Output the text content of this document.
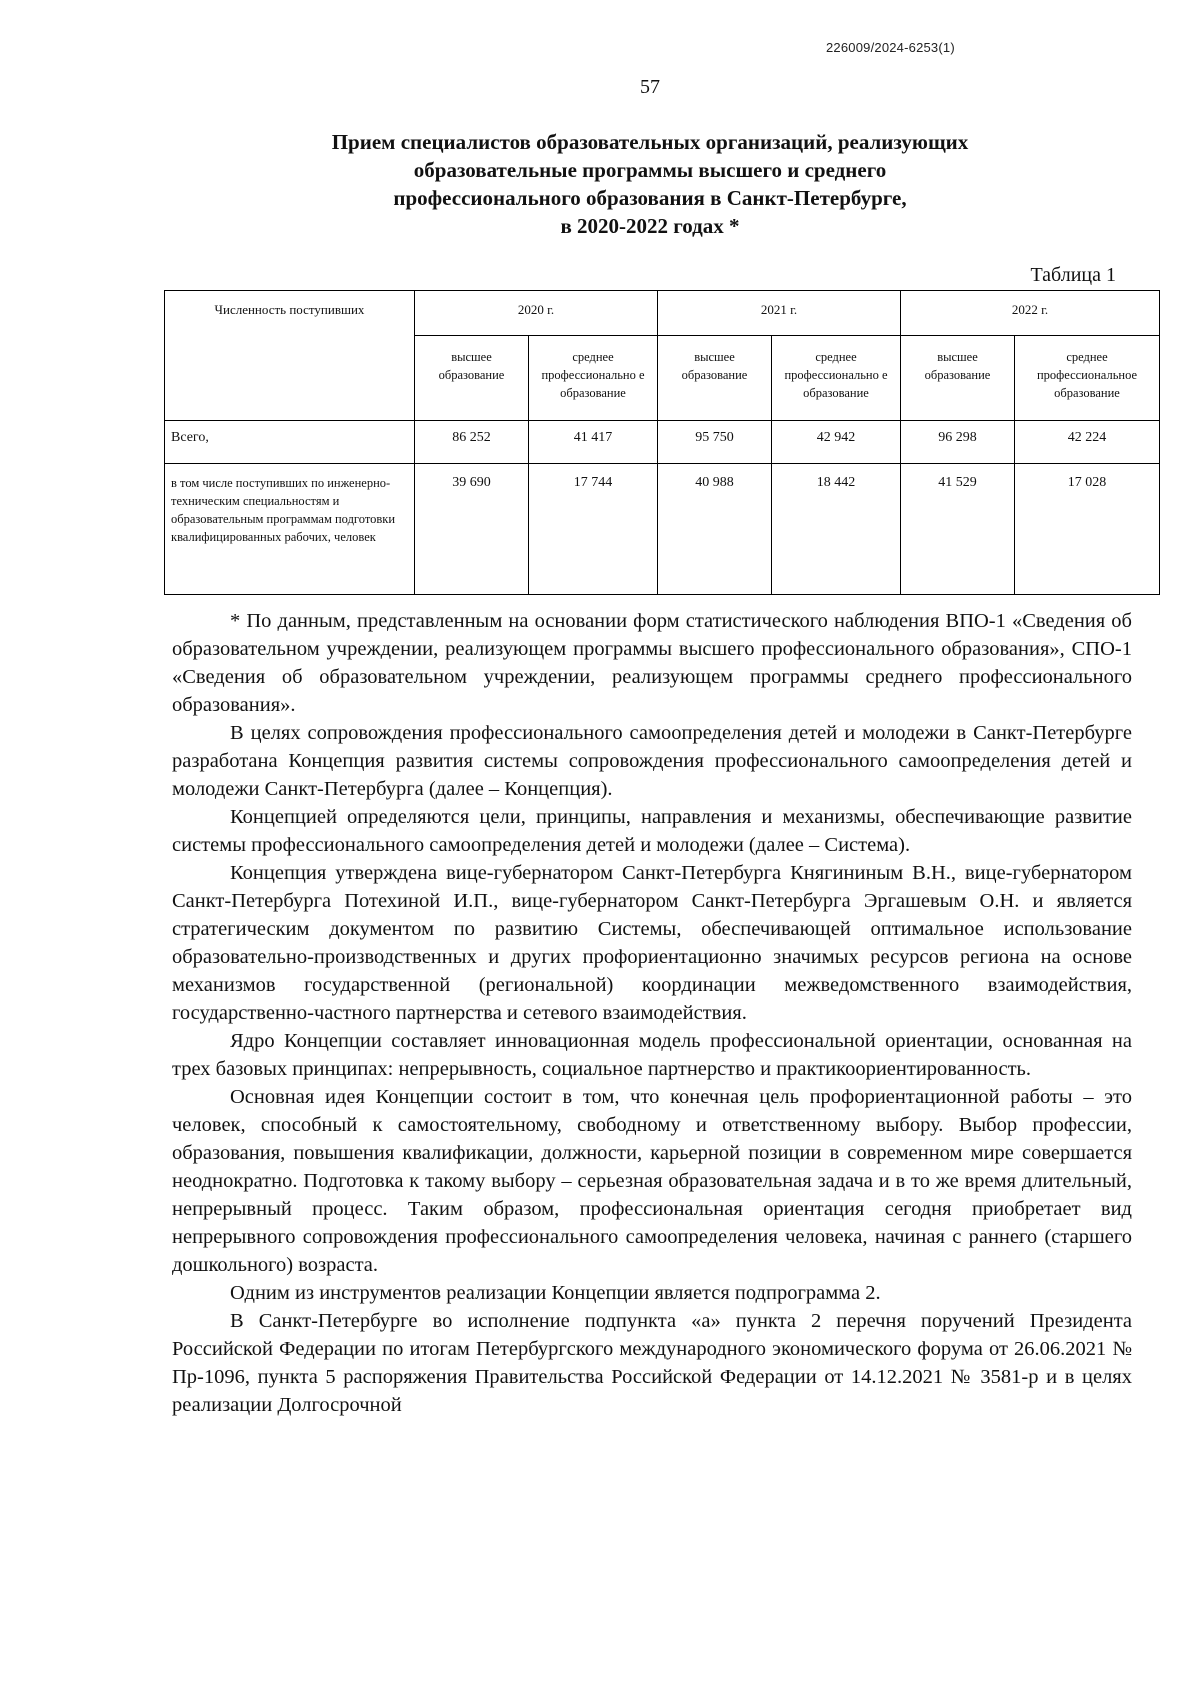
226009/2024-6253(1)
57
Прием специалистов образовательных организаций, реализующих
образовательные программы высшего и среднего
профессионального образования в Санкт-Петербурге,
в 2020-2022 годах *
Таблица 1
Численность поступивших	2020 г.		2021 г.		2022 г.	
	высшее образование	среднее профессионально е образование	высшее образование	среднее профессионально е образование	высшее образование	среднее профессиональное образование
Всего,	86 252	41 417	95 750	42 942	96 298	42 224
в том числе поступивших по инженерно-техническим специальностям и образовательным программам подготовки квалифицированных рабочих, человек	39 690	17 744	40 988	18 442	41 529	17 028

* По данным, представленным на основании форм статистического наблюдения ВПО-1 «Сведения об образовательном учреждении, реализующем программы высшего профессионального образования», СПО-1 «Сведения об образовательном учреждении, реализующем программы среднего профессионального образования».

В целях сопровождения профессионального самоопределения детей и молодежи в Санкт-Петербурге разработана Концепция развития системы сопровождения профессионального самоопределения детей и молодежи Санкт-Петербурга (далее – Концепция).

Концепцией определяются цели, принципы, направления и механизмы, обеспечивающие развитие системы профессионального самоопределения детей и молодежи (далее – Система).

Концепция утверждена вице-губернатором Санкт-Петербурга Княгининым В.Н., вице-губернатором Санкт-Петербурга Потехиной И.П., вице-губернатором Санкт-Петербурга Эргашевым О.Н. и является стратегическим документом по развитию Системы, обеспечивающей оптимальное использование образовательно-производственных и других профориентационно значимых ресурсов региона на основе механизмов государственной (региональной) координации межведомственного взаимодействия, государственно-частного партнерства и сетевого взаимодействия.

Ядро Концепции составляет инновационная модель профессиональной ориентации, основанная на трех базовых принципах: непрерывность, социальное партнерство и практикоориентированность.

Основная идея Концепции состоит в том, что конечная цель профориентационной работы – это человек, способный к самостоятельному, свободному и ответственному выбору. Выбор профессии, образования, повышения квалификации, должности, карьерной позиции в современном мире совершается неоднократно. Подготовка к такому выбору – серьезная образовательная задача и в то же время длительный, непрерывный процесс. Таким образом, профессиональная ориентация сегодня приобретает вид непрерывного сопровождения профессионального самоопределения человека, начиная с раннего (старшего дошкольного) возраста.

Одним из инструментов реализации Концепции является подпрограмма 2.

В Санкт-Петербурге во исполнение подпункта «а» пункта 2 перечня поручений Президента Российской Федерации по итогам Петербургского международного экономического форума от 26.06.2021 № Пр-1096, пункта 5 распоряжения Правительства Российской Федерации от 14.12.2021 № 3581-р и в целях реализации Долгосрочной
